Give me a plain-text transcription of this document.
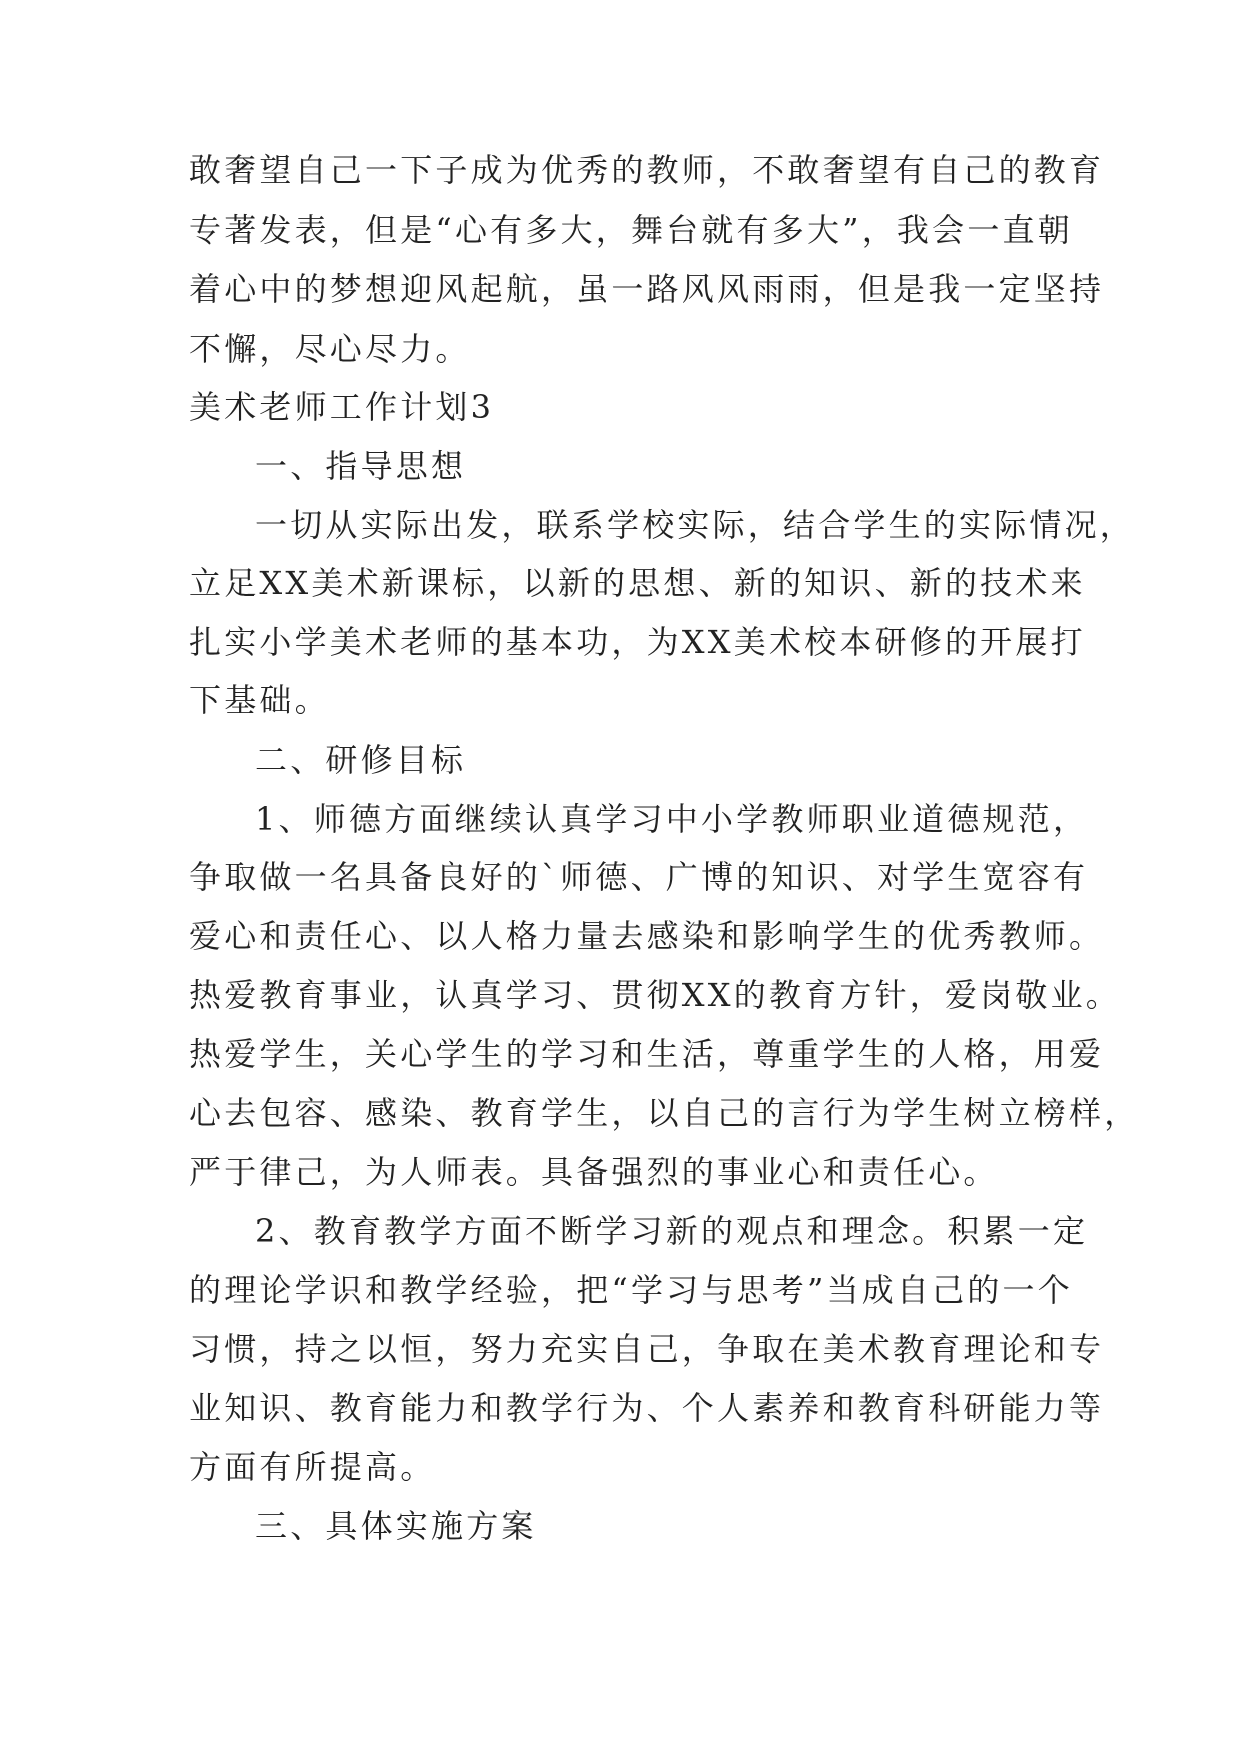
敢奢望自己一下子成为优秀的教师，不敢奢望有自己的教育
专著发表，但是“心有多大，舞台就有多大”，我会一直朝
着心中的梦想迎风起航，虽一路风风雨雨，但是我一定坚持
不懈，尽心尽力。
美术老师工作计划3
一、指导思想
一切从实际出发，联系学校实际，结合学生的实际情况，
立足XX美术新课标，以新的思想、新的知识、新的技术来
扎实小学美术老师的基本功，为XX美术校本研修的开展打
下基础。
二、研修目标
1、师德方面继续认真学习中小学教师职业道德规范，
争取做一名具备良好的`师德、广博的知识、对学生宽容有
爱心和责任心、以人格力量去感染和影响学生的优秀教师。
热爱教育事业，认真学习、贯彻XX的教育方针，爱岗敬业。
热爱学生，关心学生的学习和生活，尊重学生的人格，用爱
心去包容、感染、教育学生，以自己的言行为学生树立榜样，
严于律己，为人师表。具备强烈的事业心和责任心。
2、教育教学方面不断学习新的观点和理念。积累一定
的理论学识和教学经验，把“学习与思考”当成自己的一个
习惯，持之以恒，努力充实自己，争取在美术教育理论和专
业知识、教育能力和教学行为、个人素养和教育科研能力等
方面有所提高。
三、具体实施方案
